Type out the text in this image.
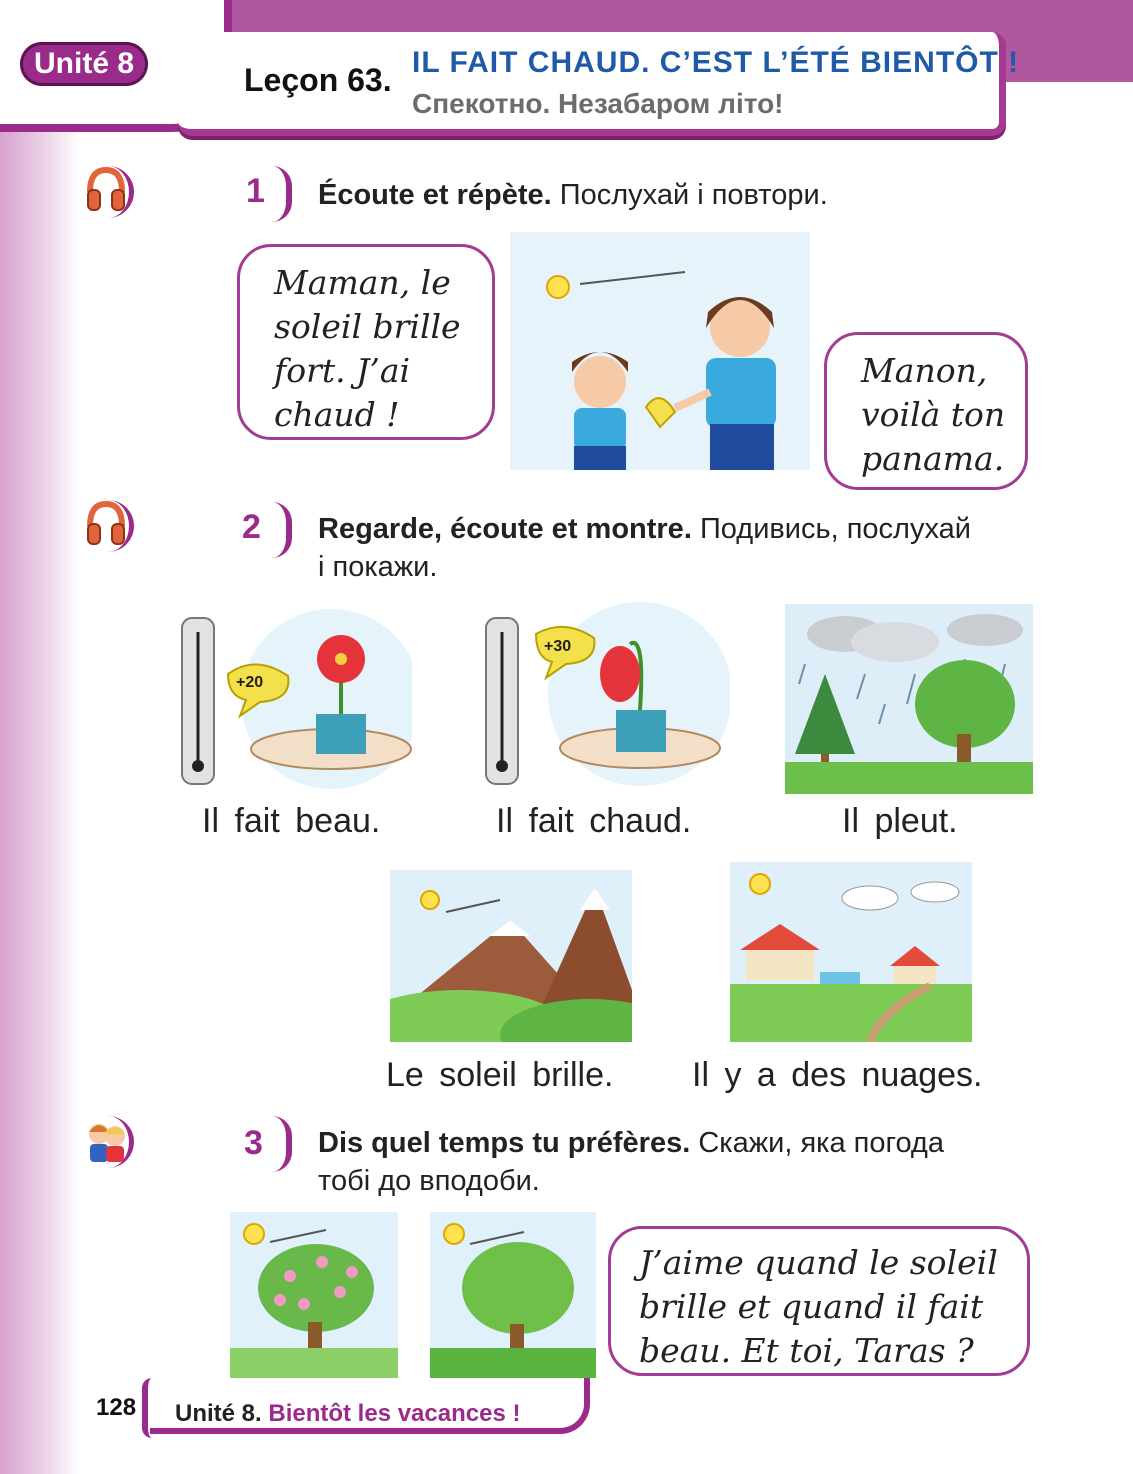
Unité 8	Leçon 63. IL FAIT CHAUD. C’EST L’ÉTÉ BIENTÔT !
Спекотно. Незабаром літо!
1 Écoute et répète. Послухай і повтори.
Maman, le
soleil brille
fort. J’ai
chaud !
Manon,
voilà ton
panama.
2 Regarde, écoute et montre. Подивись, послухай
і покажи.
+20
+30
Il fait beau.	Il fait chaud.	Il pleut.
Le soleil brille. Il y a des nuages.
3 Dis quel temps tu préfères. Скажи, яка погода
тобі до вподоби.
J’aime quand le soleil
brille et quand il fait
beau. Et toi, Taras ?
128 Unité 8. Bientôt les vacances !
